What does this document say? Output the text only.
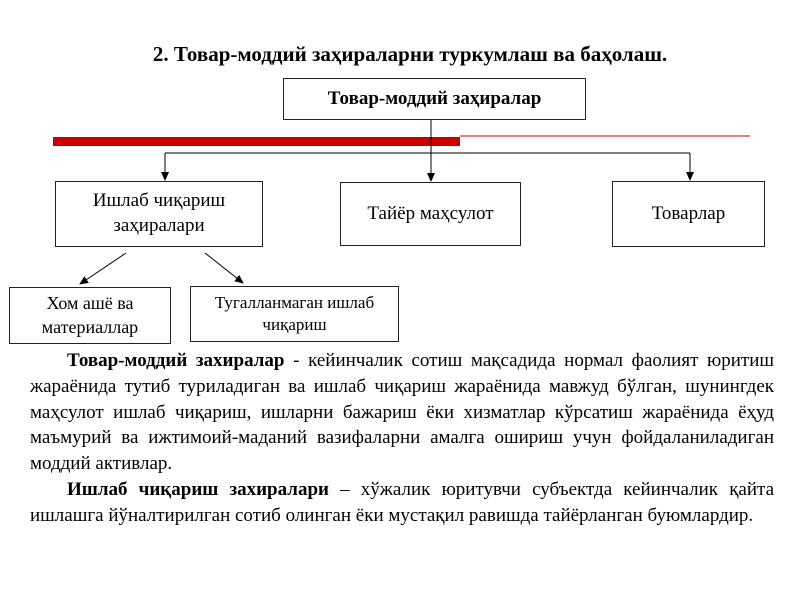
2. Товар-моддий заҳираларни туркумлаш ва баҳолаш.
Товар-моддий заҳиралар
Ишлаб чиқариш заҳиралари
Тайёр маҳсулот	Товарлар
Хом ашё ва материаллар
Тугалланмаган ишлаб чиқариш

Товар-моддий захиралар - кейинчалик сотиш мақсадида нормал фаолият юритиш жараёнида тутиб туриладиган ва ишлаб чиқариш жараёнида мавжуд бўлган, шунингдек маҳсулот ишлаб чиқариш, ишларни бажариш ёки хизматлар кўрсатиш жараёнида ёҳуд маъмурий ва ижтимоий-маданий вазифаларни амалга ошириш учун фойдаланиладиган моддий активлар.

Ишлаб чиқариш захиралари – хўжалик юритувчи субъектда кейинчалик қайта ишлашга йўналтирилган сотиб олинган ёки мустақил равишда тайёрланган буюмлардир.
